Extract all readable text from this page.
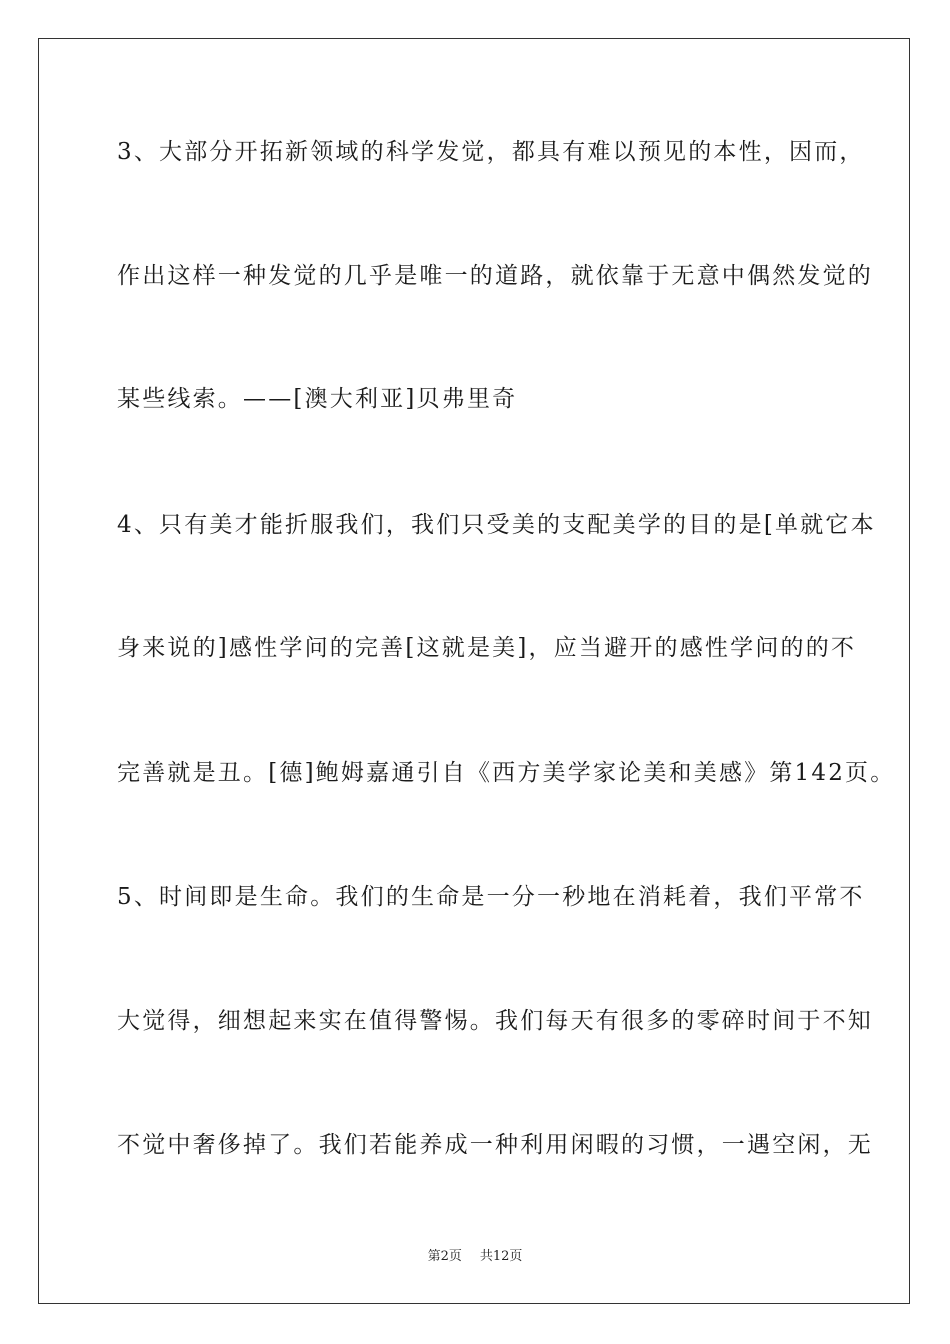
3、大部分开拓新领域的科学发觉，都具有难以预见的本性，因而，
作出这样一种发觉的几乎是唯一的道路，就依靠于无意中偶然发觉的
某些线索。——[澳大利亚]贝弗里奇
4、只有美才能折服我们，我们只受美的支配美学的目的是[单就它本
身来说的]感性学问的完善[这就是美]，应当避开的感性学问的的不
完善就是丑。[德]鲍姆嘉通引自《西方美学家论美和美感》第142页。
5、时间即是生命。我们的生命是一分一秒地在消耗着，我们平常不
大觉得，细想起来实在值得警惕。我们每天有很多的零碎时间于不知
不觉中奢侈掉了。我们若能养成一种利用闲暇的习惯，一遇空闲，无
第2页 共12页
